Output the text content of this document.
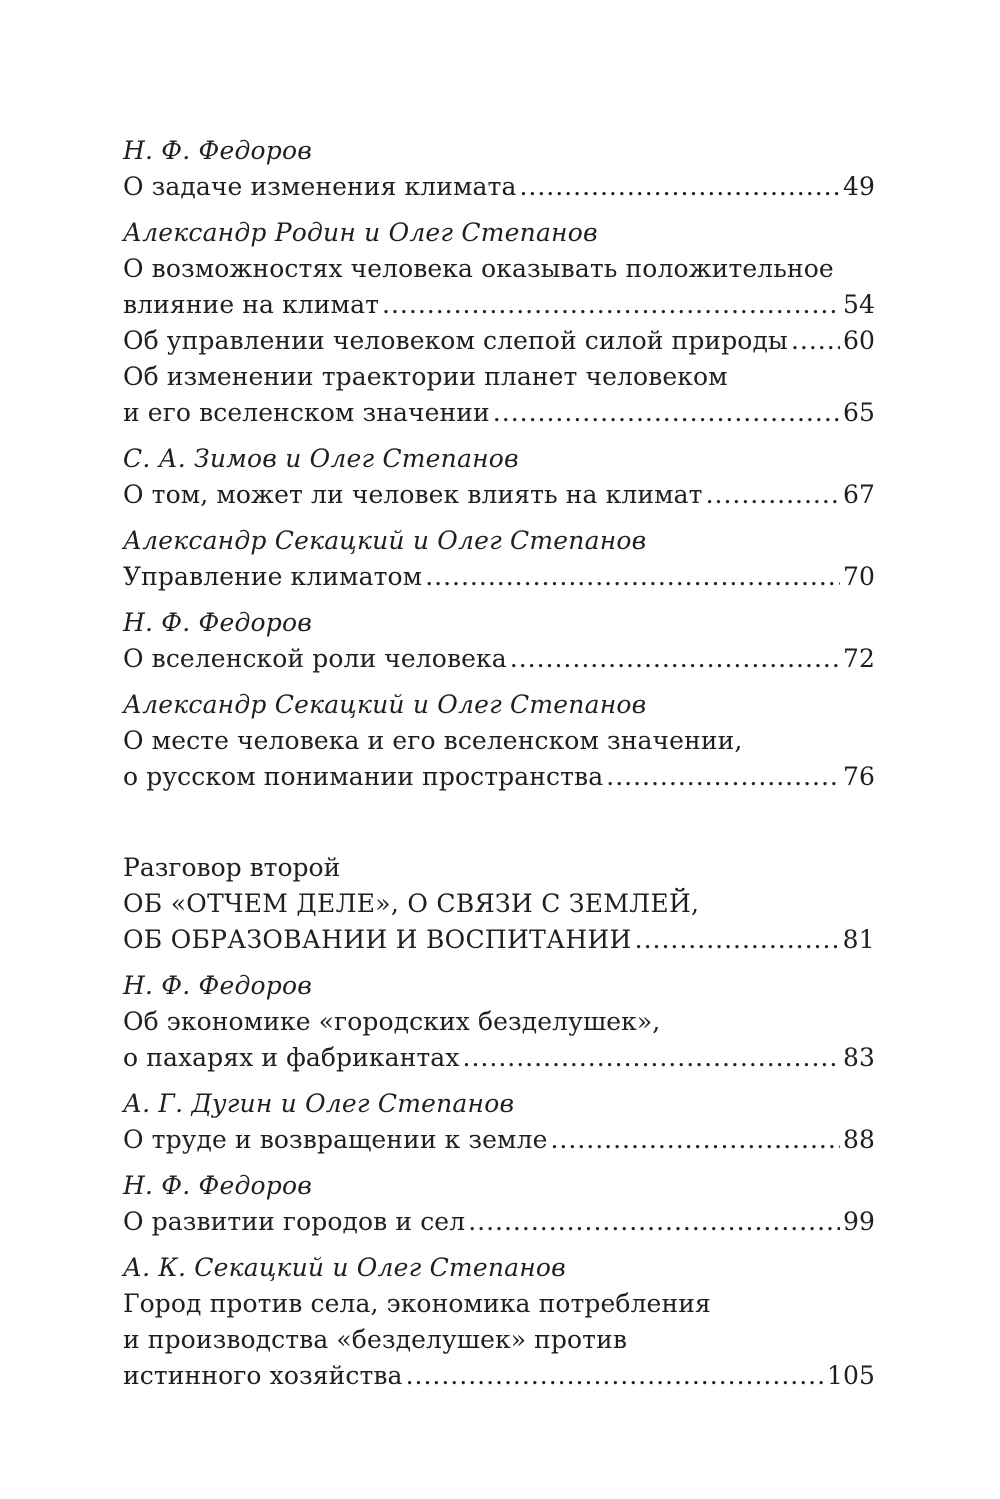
Н. Ф. Федоров
О задаче изменения климата .....	49
Александр Родин и Олег Степанов
О возможностях человека оказывать положительное
влияние на климат .....	54
Об управлении человеком слепой силой природы ..... 60
Об изменении траектории планет человеком
и его вселенском значении .....	65
С. А. Зимов и Олег Степанов
О том, может ли человек влиять на климат .....	67
Александр Секацкий и Олег Степанов
Управление климатом .....	70
Н. Ф. Федоров
О вселенской роли человека .....	72
Александр Секацкий и Олег Степанов
О месте человека и его вселенском значении,
о русском понимании пространства .....	76
Разговор второй
ОБ «ОТЧЕМ ДЕЛЕ», О СВЯЗИ С ЗЕМЛЕЙ,
ОБ ОБРАЗОВАНИИ И ВОСПИТАНИИ .....	81
Н. Ф. Федоров
Об экономике «городских безделушек»,
о пахарях и фабрикантах .....	83
А. Г. Дугин и Олег Степанов
О труде и возвращении к земле .....	88
Н. Ф. Федоров
О развитии городов и сел .....	99
А. К. Секацкий и Олег Степанов
Город против села, экономика потребления
и производства «безделушек» против
истинного хозяйства .....	105
